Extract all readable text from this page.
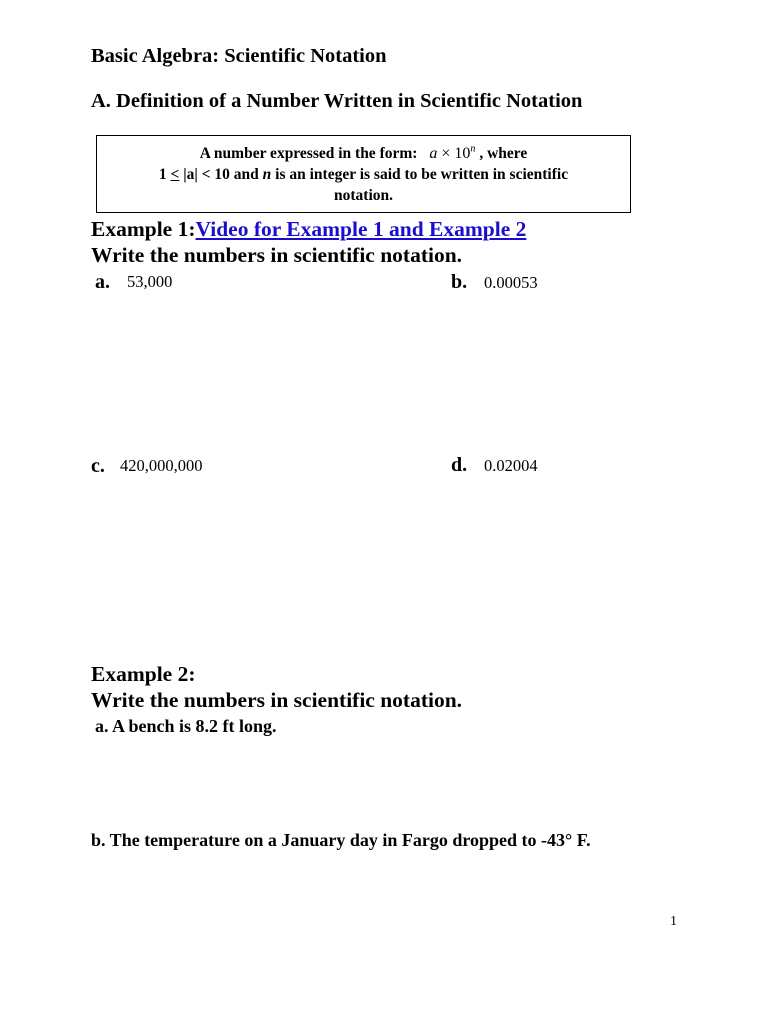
Basic Algebra: Scientific Notation
A. Definition of a Number Written in Scientific Notation
A number expressed in the form: $a \times 10^n$ , where
1 < |a| < 10 and n is an integer is said to be written in scientific
notation.
Example 1:Video for Example 1 and Example 2
Write the numbers in scientific notation.
a. 53,000	b. 0.00053
c. 420,000,000	d. 0.02004
Example 2:
Write the numbers in scientific notation.
a. A bench is 8.2 ft long.
b. The temperature on a January day in Fargo dropped to -43° F.
1
